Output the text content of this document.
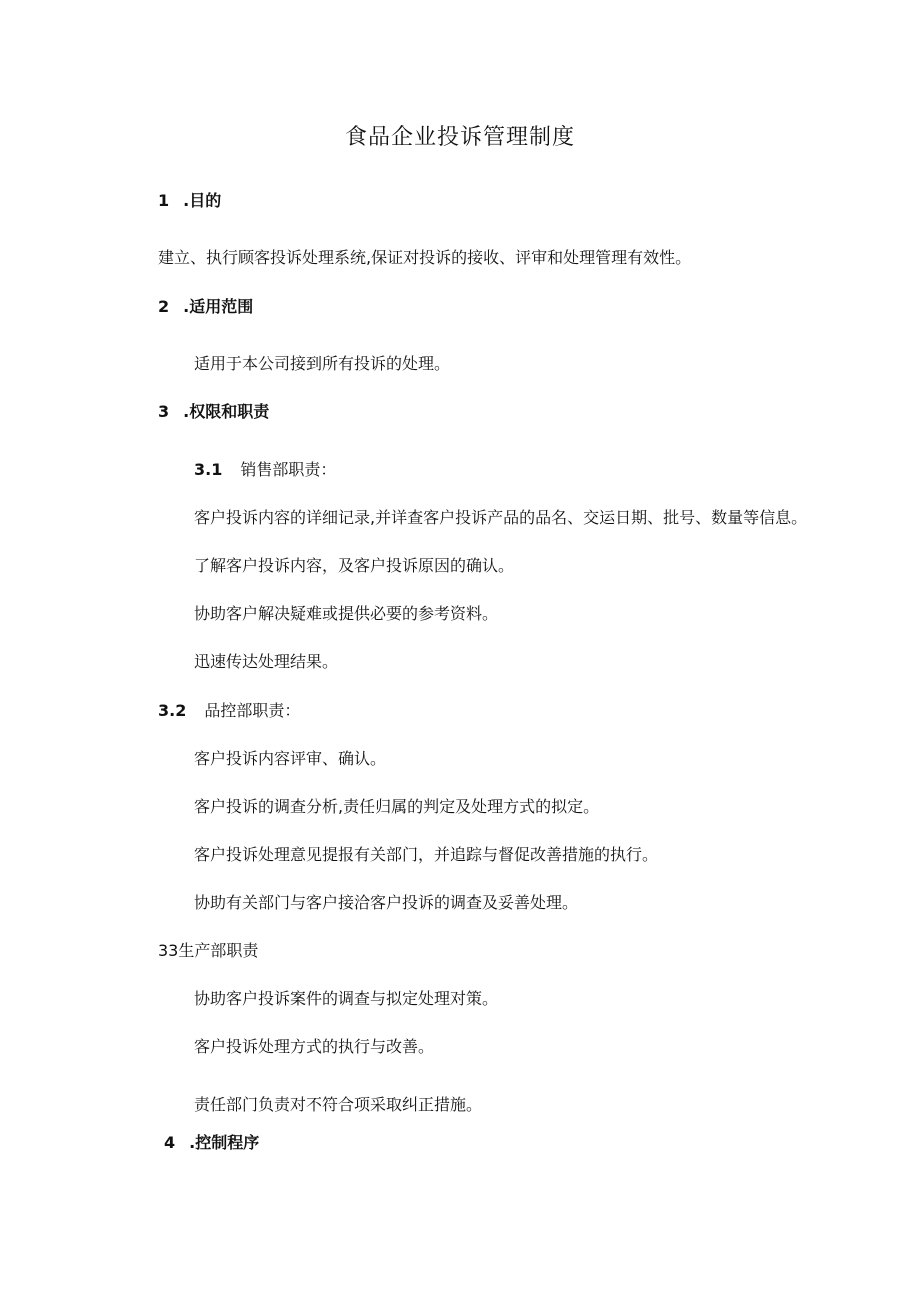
食品企业投诉管理制度
1 .目的
建立、执行顾客投诉处理系统,保证对投诉的接收、评审和处理管理有效性。
2 .适用范围
适用于本公司接到所有投诉的处理。
3 .权限和职责
3.1 销售部职责：
客户投诉内容的详细记录,并详查客户投诉产品的品名、交运日期、批号、数量等信息。
了解客户投诉内容，及客户投诉原因的确认。
协助客户解决疑难或提供必要的参考资料。
迅速传达处理结果。
3.2 品控部职责：
客户投诉内容评审、确认。
客户投诉的调查分析,责任归属的判定及处理方式的拟定。
客户投诉处理意见提报有关部门，并追踪与督促改善措施的执行。
协助有关部门与客户接洽客户投诉的调查及妥善处理。
33生产部职责
协助客户投诉案件的调查与拟定处理对策。
客户投诉处理方式的执行与改善。
责任部门负责对不符合项采取纠正措施。
4 .控制程序
